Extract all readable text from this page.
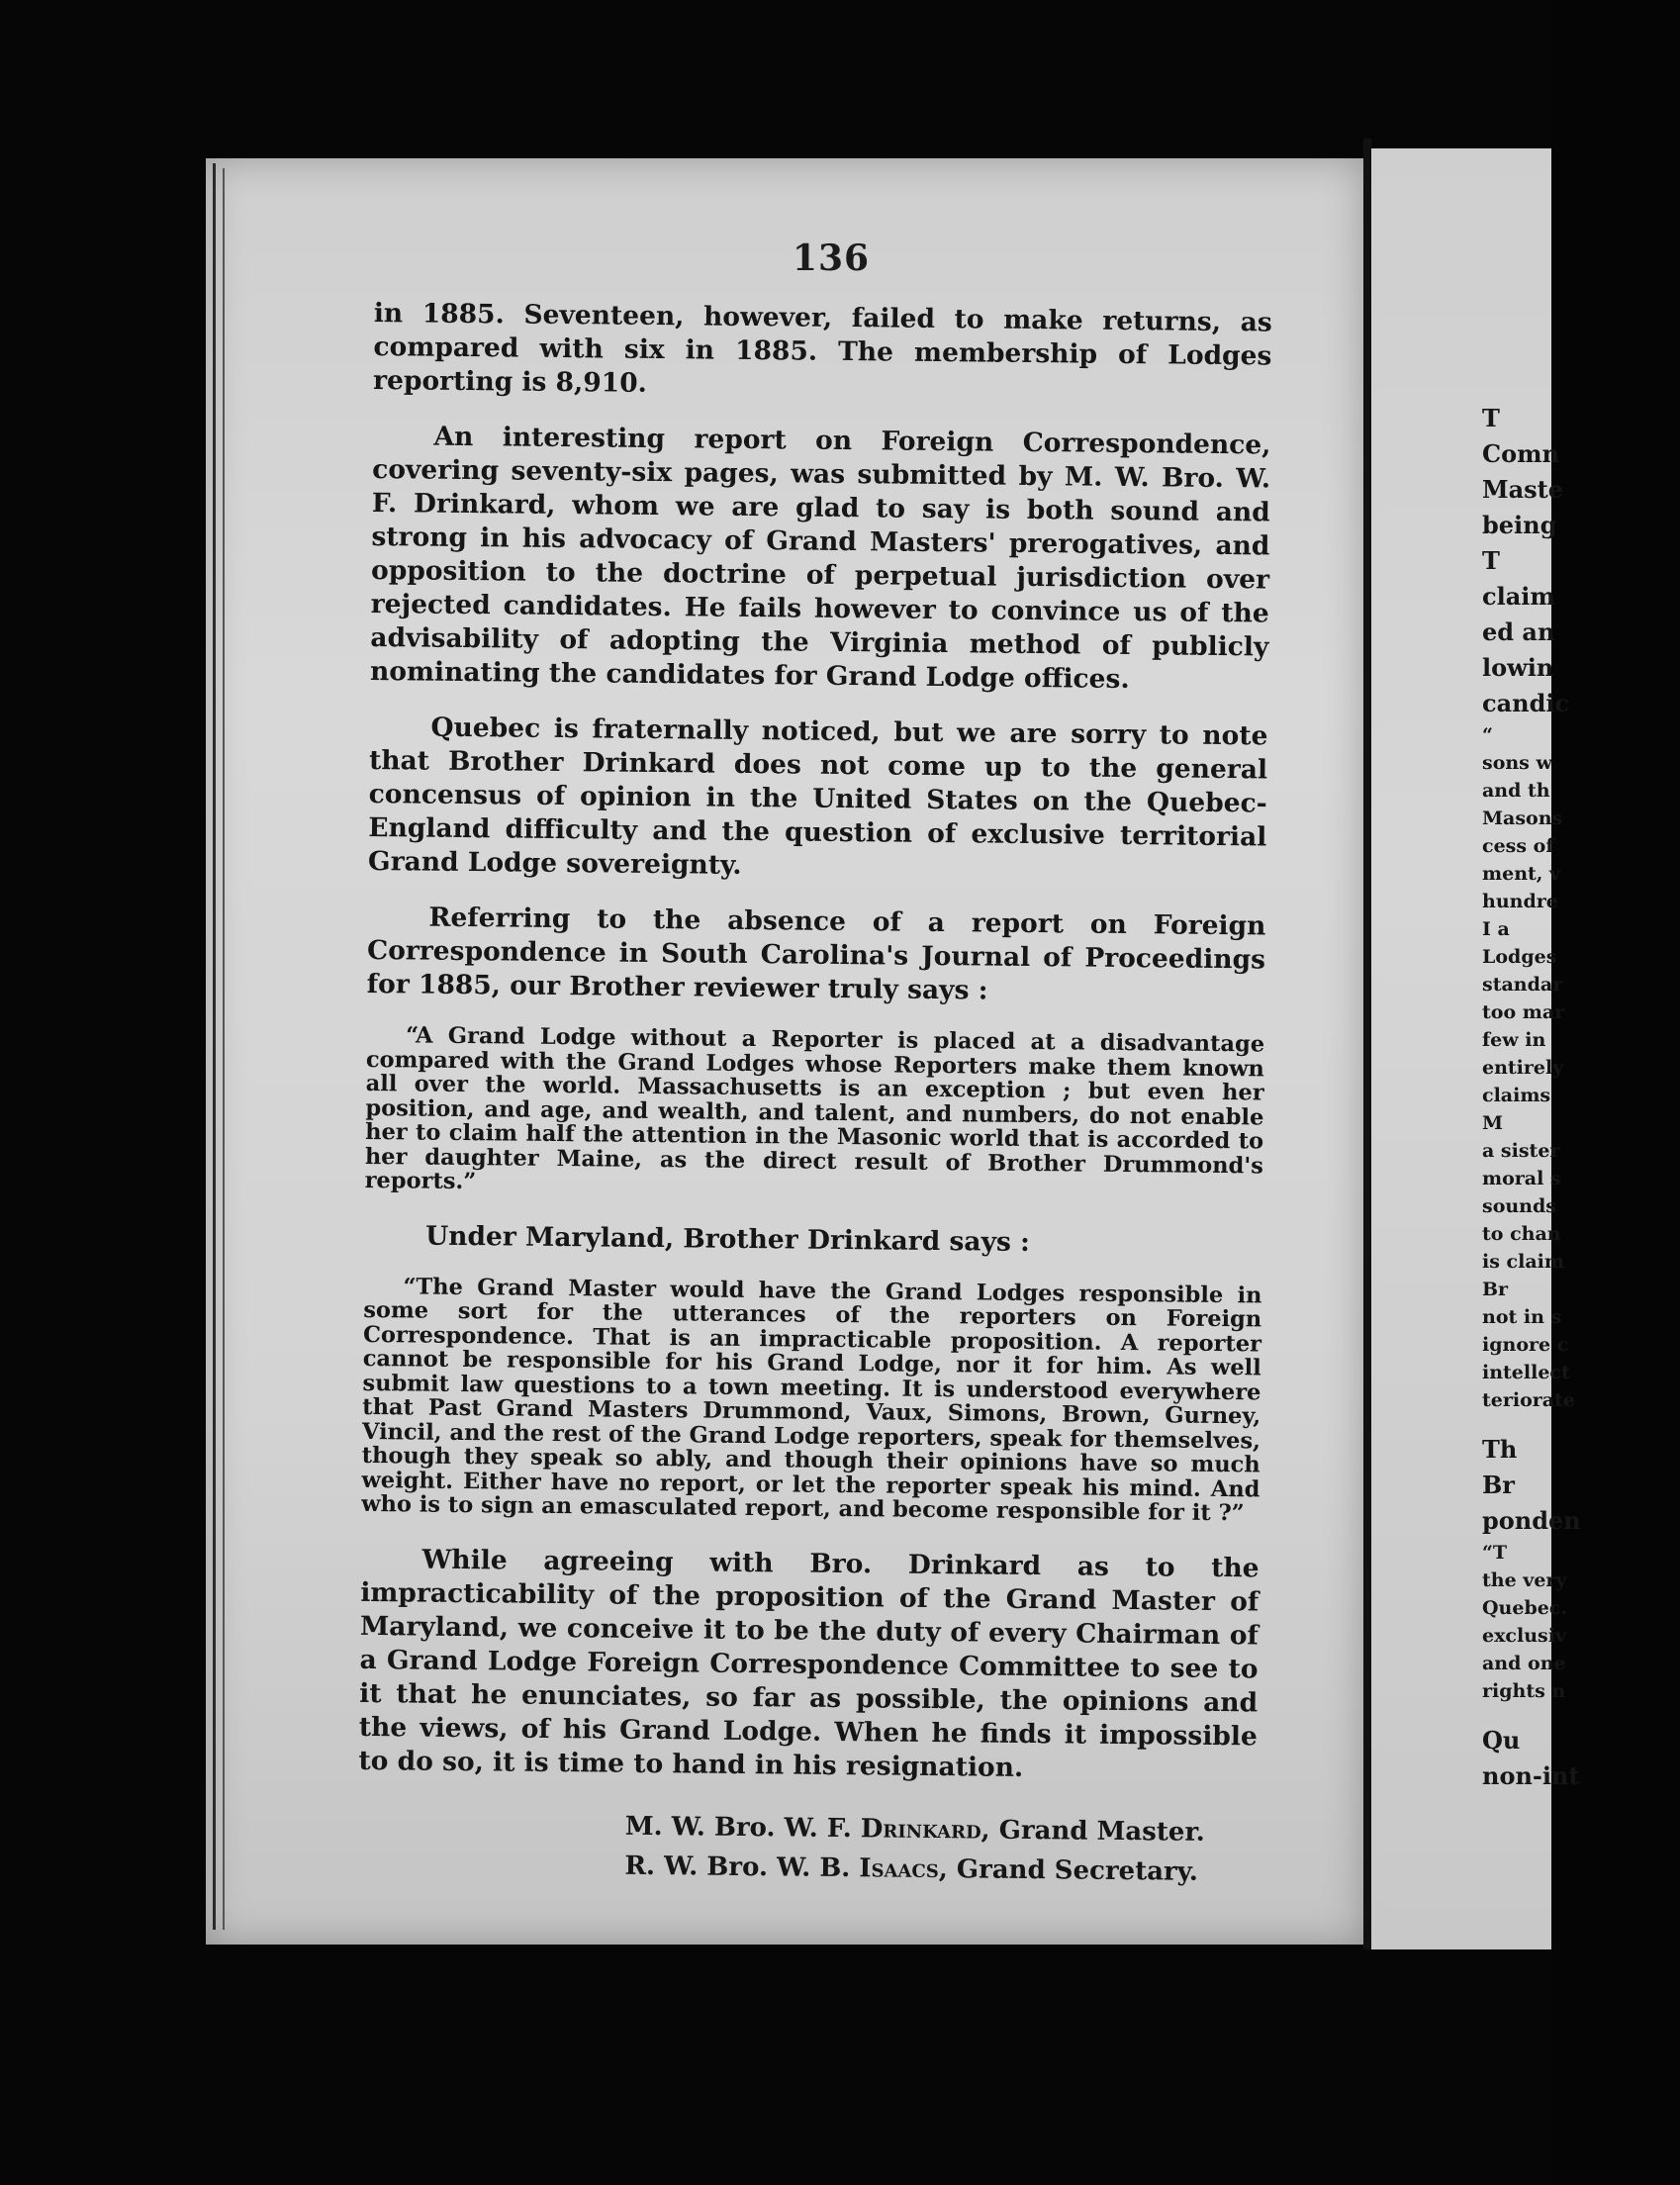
136

in 1885. Seventeen, however, failed to make returns, as compared with six in 1885. The membership of Lodges reporting is 8,910.

An interesting report on Foreign Correspondence, covering seventy-six pages, was submitted by M. W. Bro. W. F. Drinkard, whom we are glad to say is both sound and strong in his advocacy of Grand Masters' prerogatives, and opposition to the doctrine of perpetual jurisdiction over rejected candidates. He fails however to convince us of the advisability of adopting the Virginia method of publicly nominating the candidates for Grand Lodge offices.

Quebec is fraternally noticed, but we are sorry to note that Brother Drinkard does not come up to the general concensus of opinion in the United States on the Quebec-England difficulty and the question of exclusive territorial Grand Lodge sovereignty.

Referring to the absence of a report on Foreign Correspondence in South Carolina's Journal of Proceedings for 1885, our Brother reviewer truly says :

“A Grand Lodge without a Reporter is placed at a disadvantage compared with the Grand Lodges whose Reporters make them known all over the world. Massachusetts is an exception ; but even her position, and age, and wealth, and talent, and numbers, do not enable her to claim half the attention in the Masonic world that is accorded to her daughter Maine, as the direct result of Brother Drummond's reports.”

Under Maryland, Brother Drinkard says :

“The Grand Master would have the Grand Lodges responsible in some sort for the utterances of the reporters on Foreign Correspondence. That is an impracticable proposition. A reporter cannot be responsible for his Grand Lodge, nor it for him. As well submit law questions to a town meeting. It is understood everywhere that Past Grand Masters Drummond, Vaux, Simons, Brown, Gurney, Vincil, and the rest of the Grand Lodge reporters, speak for themselves, though they speak so ably, and though their opinions have so much weight. Either have no report, or let the reporter speak his mind. And who is to sign an emasculated report, and become responsible for it ?”

While agreeing with Bro. Drinkard as to the impracticability of the proposition of the Grand Master of Maryland, we conceive it to be the duty of every Chairman of a Grand Lodge Foreign Correspondence Committee to see to it that he enunciates, so far as possible, the opinions and the views, of his Grand Lodge. When he finds it impossible to do so, it is time to hand in his resignation.

M. W. Bro. W. F. Drinkard, Grand Master.
R. W. Bro. W. B. Isaacs, Grand Secretary.
T
Comn
Maste
being
T
claim
ed an
lowin
candic
“
sons w
and th
Masons
cess of
ment, v
hundre
I a
Lodges
standar
too mar
few in
entirely
claims
M
a sister
moral s
sounds
to chan
is claim
Br
not in s
ignore c
intellect
teriorate
Th
Br
ponden
“T
the very
Quebec.
exclusiv
and one
rights n
Qu
non-int
